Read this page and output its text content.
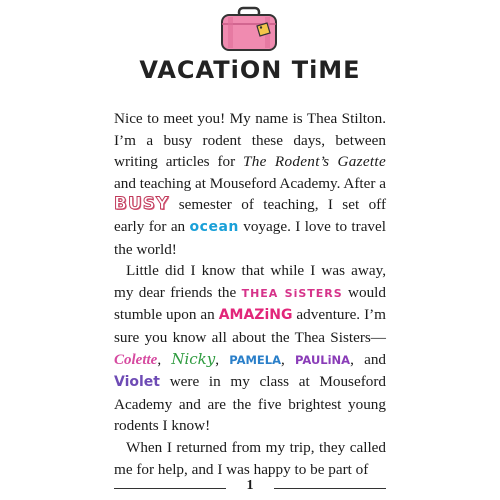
VACATiON TiME

Nice to meet you! My name is Thea Stilton. I’m a busy rodent these days, between writing articles for The Rodent’s Gazette and teaching at Mouseford Academy. After a BUSY semester of teaching, I set off early for an ocean voyage. I love to travel the world!

Little did I know that while I was away, my dear friends the THEA SiSTERS would stumble upon an AMAZiNG adventure. I’m sure you know all about the Thea Sisters—Colette, Nicky, PAMELA, PAULiNA, and Violet were in my class at Mouseford Academy and are the five brightest young rodents I know!

When I returned from my trip, they called me for help, and I was happy to be part of

1
